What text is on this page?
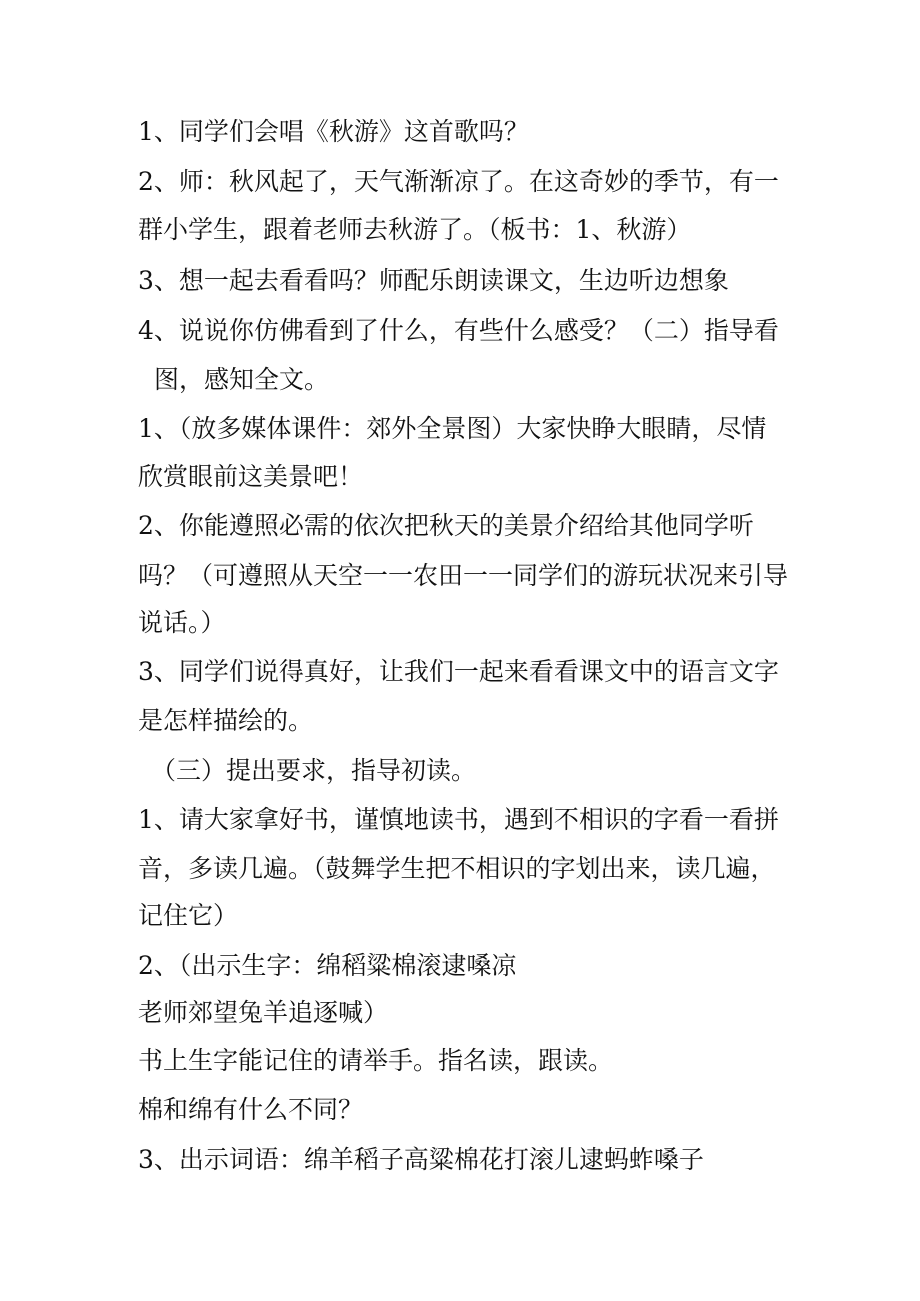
1、同学们会唱《秋游》这首歌吗？
2、师：秋风起了，天气渐渐凉了。在这奇妙的季节，有一
群小学生，跟着老师去秋游了。（板书：1、秋游）
3、想一起去看看吗？师配乐朗读课文，生边听边想象
4、说说你仿佛看到了什么，有些什么感受？（二）指导看
图，感知全文。
1、（放多媒体课件：郊外全景图）大家快睁大眼睛，尽情
欣赏眼前这美景吧！
2、你能遵照必需的依次把秋天的美景介绍给其他同学听
吗？（可遵照从天空一一农田一一同学们的游玩状况来引导
说话。）
3、同学们说得真好，让我们一起来看看课文中的语言文字
是怎样描绘的。
（三）提出要求，指导初读。
1、请大家拿好书，谨慎地读书，遇到不相识的字看一看拼
音，多读几遍。（鼓舞学生把不相识的字划出来，读几遍，
记住它）
2、（出示生字：绵稻粱棉滚逮嗓凉
老师郊望兔羊追逐喊）
书上生字能记住的请举手。指名读，跟读。
棉和绵有什么不同？
3、出示词语：绵羊稻子高粱棉花打滚儿逮蚂蚱嗓子
